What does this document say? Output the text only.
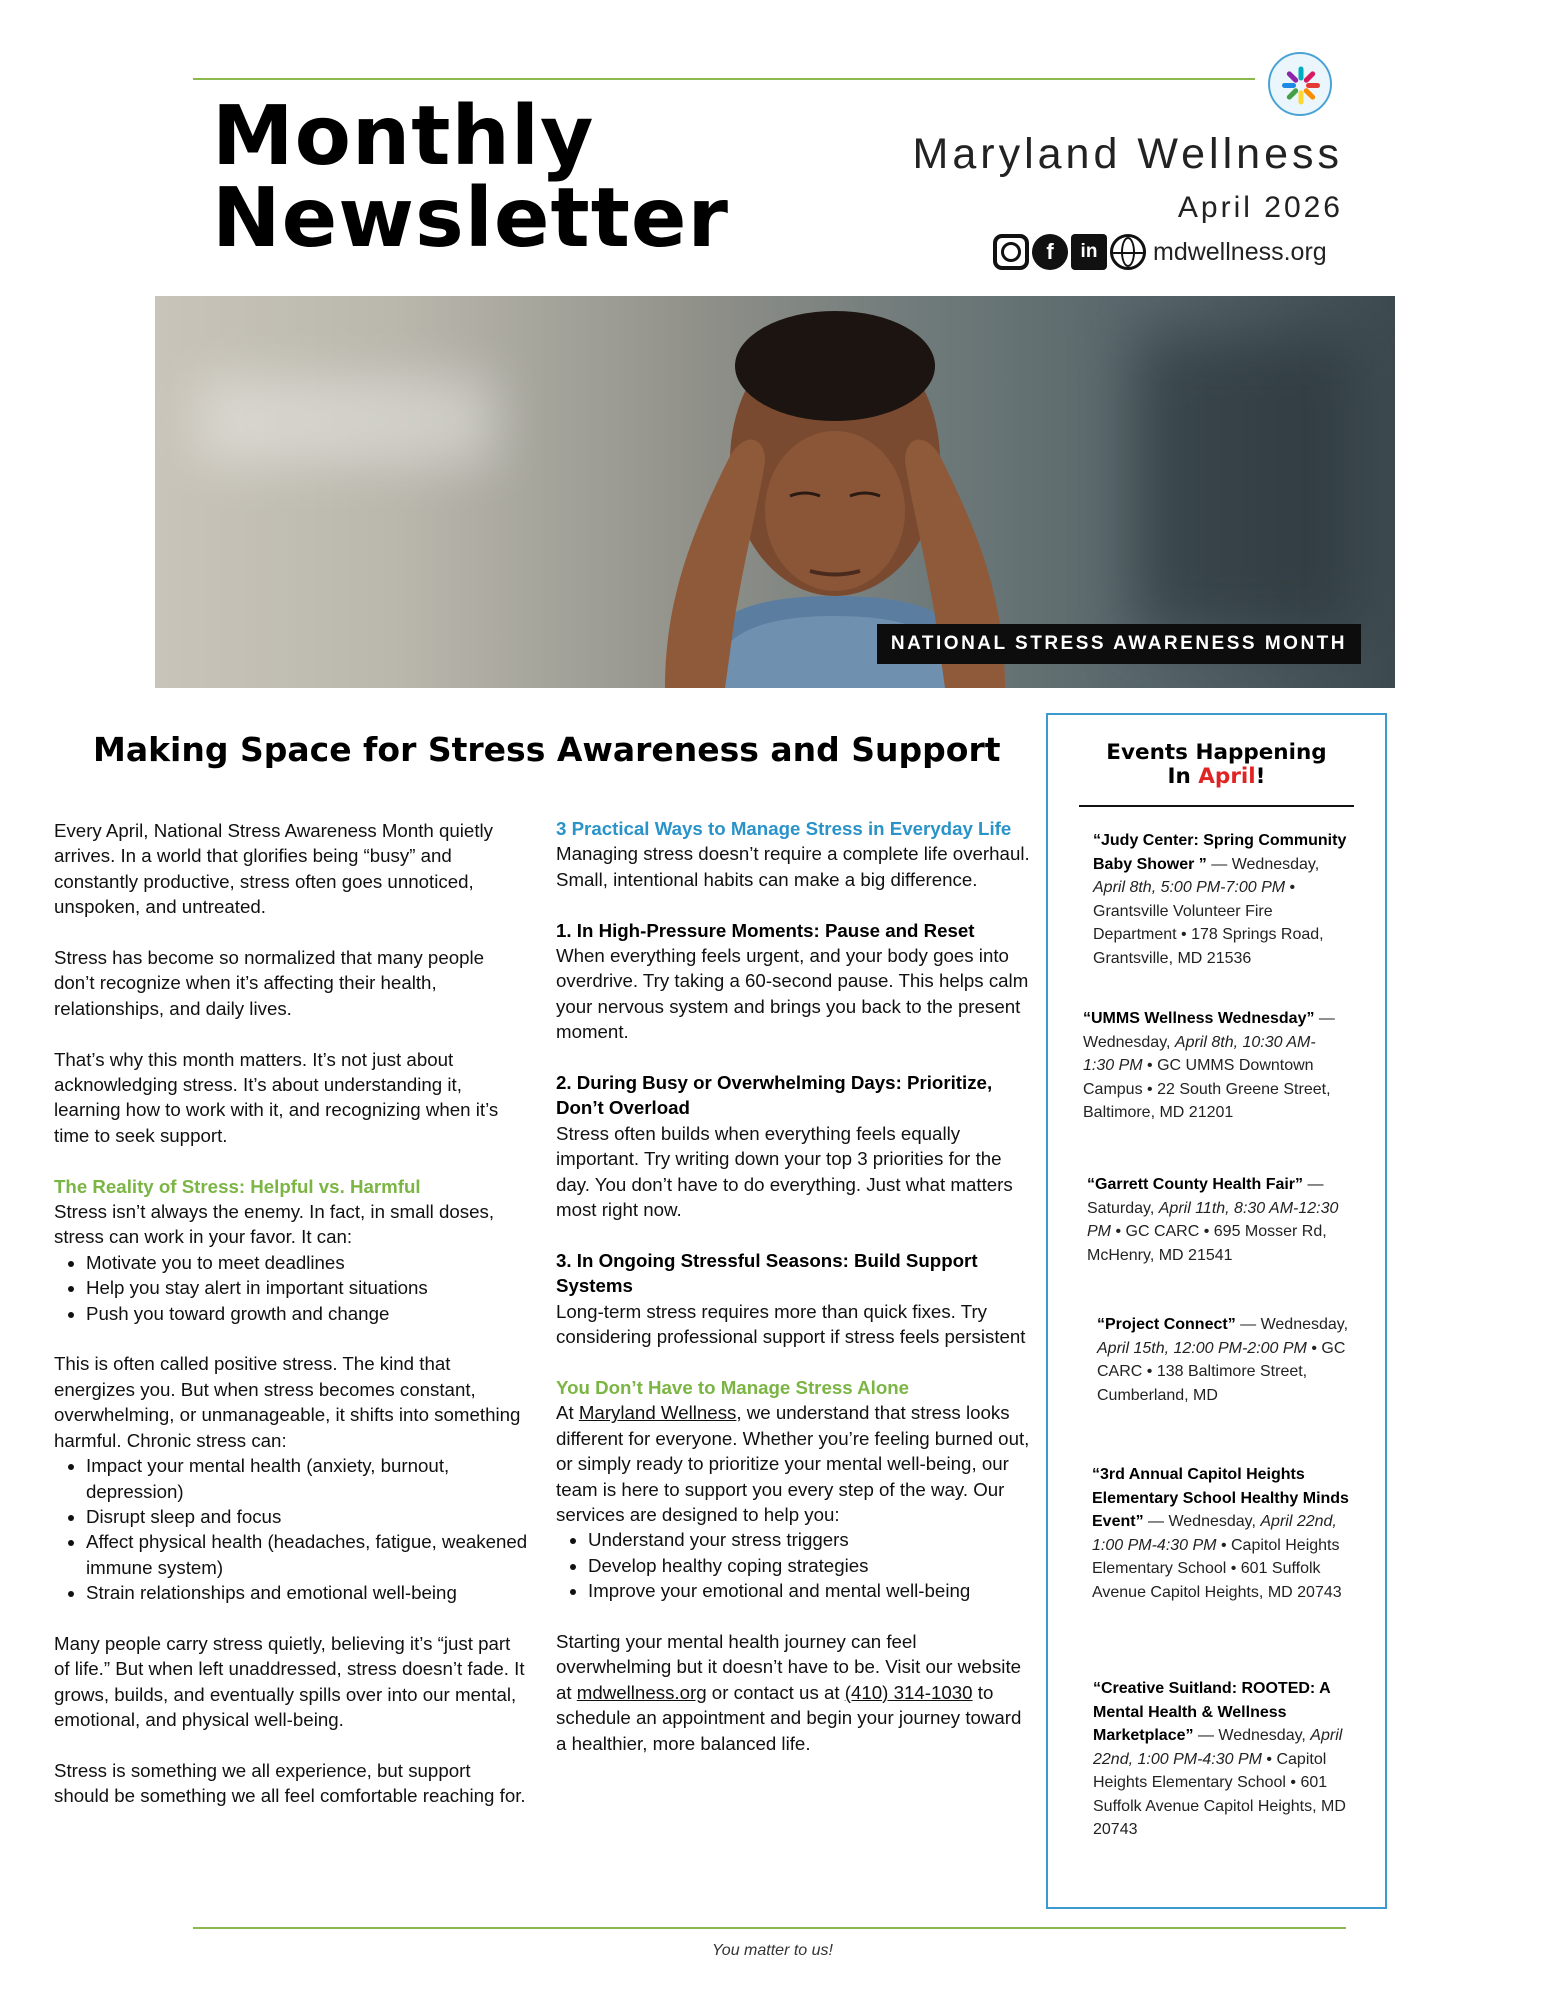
Monthly
Newsletter
Maryland Wellness
April 2026
f	in	mdwellness.org
NATIONAL STRESS AWARENESS MONTH
Making Space for Stress Awareness and Support

Every April, National Stress Awareness Month quietly arrives. In a world that glorifies being “busy” and constantly productive, stress often goes unnoticed, unspoken, and untreated.

Stress has become so normalized that many people don’t recognize when it’s affecting their health, relationships, and daily lives.

That’s why this month matters. It’s not just about acknowledging stress. It’s about understanding it, learning how to work with it, and recognizing when it’s time to seek support.

The Reality of Stress: Helpful vs. Harmful
Stress isn’t always the enemy. In fact, in small doses, stress can work in your favor. It can:
• Motivate you to meet deadlines
• Help you stay alert in important situations
• Push you toward growth and change
This is often called positive stress. The kind that energizes you. But when stress becomes constant, overwhelming, or unmanageable, it shifts into something harmful. Chronic stress can:
• Impact your mental health (anxiety, burnout, depression)
• Disrupt sleep and focus
• Affect physical health (headaches, fatigue, weakened immune system)
• Strain relationships and emotional well-being

Many people carry stress quietly, believing it’s “just part of life.” But when left unaddressed, stress doesn’t fade. It grows, builds, and eventually spills over into our mental, emotional, and physical well-being.

Stress is something we all experience, but support should be something we all feel comfortable reaching for.

3 Practical Ways to Manage Stress in Everyday Life

Managing stress doesn’t require a complete life overhaul. Small, intentional habits can make a big difference.

1. In High-Pressure Moments: Pause and Reset

When everything feels urgent, and your body goes into overdrive. Try taking a 60-second pause. This helps calm your nervous system and brings you back to the present moment.

2. During Busy or Overwhelming Days: Prioritize, Don’t Overload

Stress often builds when everything feels equally important. Try writing down your top 3 priorities for the day. You don’t have to do everything. Just what matters most right now.

3. In Ongoing Stressful Seasons: Build Support Systems

Long-term stress requires more than quick fixes. Try considering professional support if stress feels persistent

You Don’t Have to Manage Stress Alone
At Maryland Wellness, we understand that stress looks different for everyone. Whether you’re feeling burned out, or simply ready to prioritize your mental well-being, our team is here to support you every step of the way. Our services are designed to help you:
• Understand your stress triggers
• Develop healthy coping strategies
• Improve your emotional and mental well-being

Starting your mental health journey can feel overwhelming but it doesn’t have to be. Visit our website at mdwellness.org or contact us at (410) 314-1030 to schedule an appointment and begin your journey toward a healthier, more balanced life.

Events Happening
In April!
“Judy Center: Spring Community Baby Shower ” — Wednesday, April 8th, 5:00 PM-7:00 PM • Grantsville Volunteer Fire Department • 178 Springs Road, Grantsville, MD 21536
“UMMS Wellness Wednesday” — Wednesday, April 8th, 10:30 AM-1:30 PM • GC UMMS Downtown Campus • 22 South Greene Street, Baltimore, MD 21201
“Garrett County Health Fair” — Saturday, April 11th, 8:30 AM-12:30 PM • GC CARC • 695 Mosser Rd, McHenry, MD 21541
“Project Connect” — Wednesday, April 15th, 12:00 PM-2:00 PM • GC CARC • 138 Baltimore Street, Cumberland, MD
“3rd Annual Capitol Heights Elementary School Healthy Minds Event” — Wednesday, April 22nd, 1:00 PM-4:30 PM • Capitol Heights Elementary School • 601 Suffolk Avenue Capitol Heights, MD 20743
“Creative Suitland: ROOTED: A Mental Health & Wellness Marketplace” — Wednesday, April 22nd, 1:00 PM-4:30 PM • Capitol Heights Elementary School • 601 Suffolk Avenue Capitol Heights, MD 20743
You matter to us!
